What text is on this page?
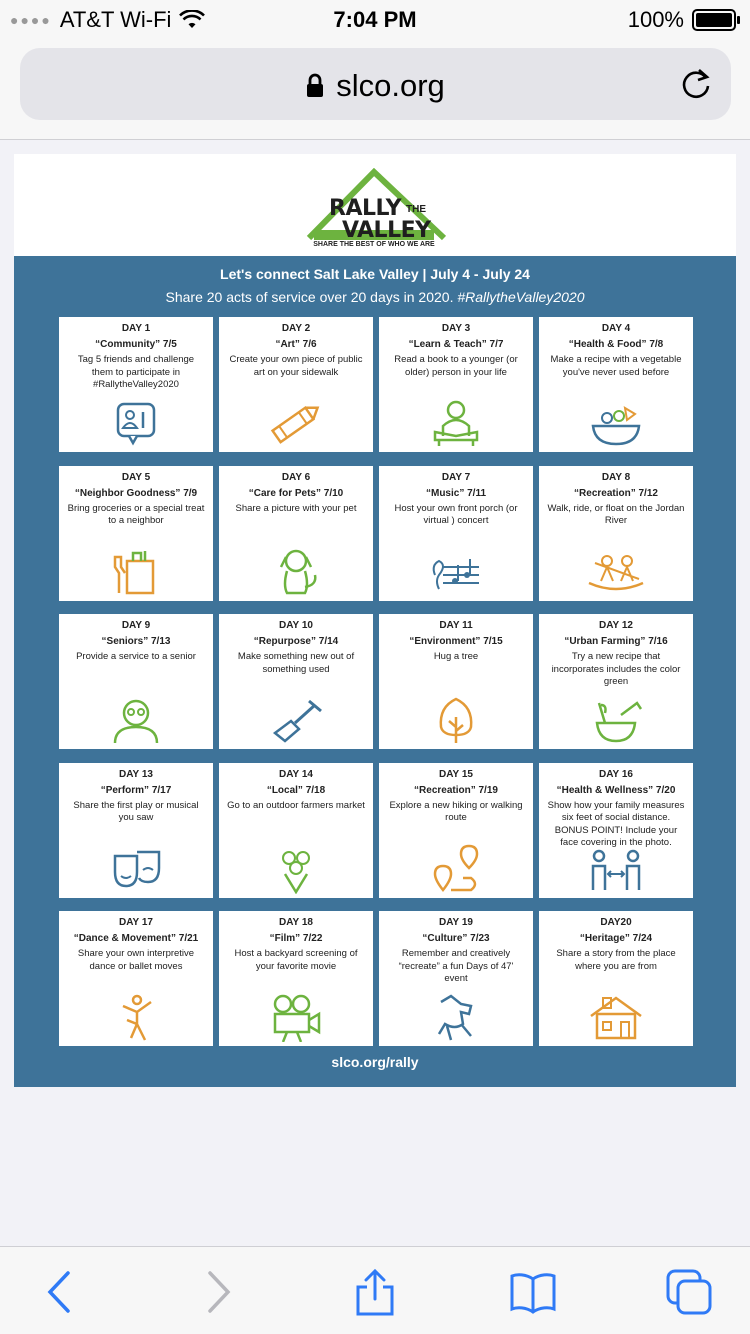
●●●● AT&T Wi-Fi	7:04 PM	100%
slco.org
RALLY THE
VALLEY
SHARE THE BEST OF WHO WE ARE
Let's connect Salt Lake Valley | July 4 - July 24
Share 20 acts of service over 20 days in 2020. #RallytheValley2020
DAY 1
“Community” 7/5
Tag 5 friends and challenge them to participate in #RallytheValley2020
DAY 2
“Art” 7/6
Create your own piece of public art on your sidewalk
DAY 3
“Learn & Teach” 7/7
Read a book to a younger (or older) person in your life
DAY 4
“Health & Food” 7/8
Make a recipe with a vegetable you've never used before
DAY 5
“Neighbor Goodness” 7/9
Bring groceries or a special treat to a neighbor
DAY 6
“Care for Pets” 7/10
Share a picture with your pet
DAY 7
“Music” 7/11
Host your own front porch (or virtual ) concert
DAY 8
“Recreation” 7/12
Walk, ride, or float on the Jordan River
DAY 9
“Seniors” 7/13
Provide a service to a senior
DAY 10
“Repurpose” 7/14
Make something new out of something used
DAY 11
“Environment” 7/15
Hug a tree
DAY 12
“Urban Farming” 7/16
Try a new recipe that incorporates includes the color green
DAY 13
“Perform” 7/17
Share the first play or musical you saw
DAY 14
“Local” 7/18
Go to an outdoor farmers market
DAY 15
“Recreation” 7/19
Explore a new hiking or walking route
DAY 16
“Health & Wellness” 7/20
Show how your family measures six feet of social distance. BONUS POINT! Include your face covering in the photo.
DAY 17
“Dance & Movement” 7/21
Share your own interpretive dance or ballet moves
DAY 18
“Film” 7/22
Host a backyard screening of your favorite movie
DAY 19
“Culture” 7/23
Remember and creatively “recreate” a fun Days of 47' event
DAY20
“Heritage” 7/24
Share a story from the place where you are from
slco.org/rally
